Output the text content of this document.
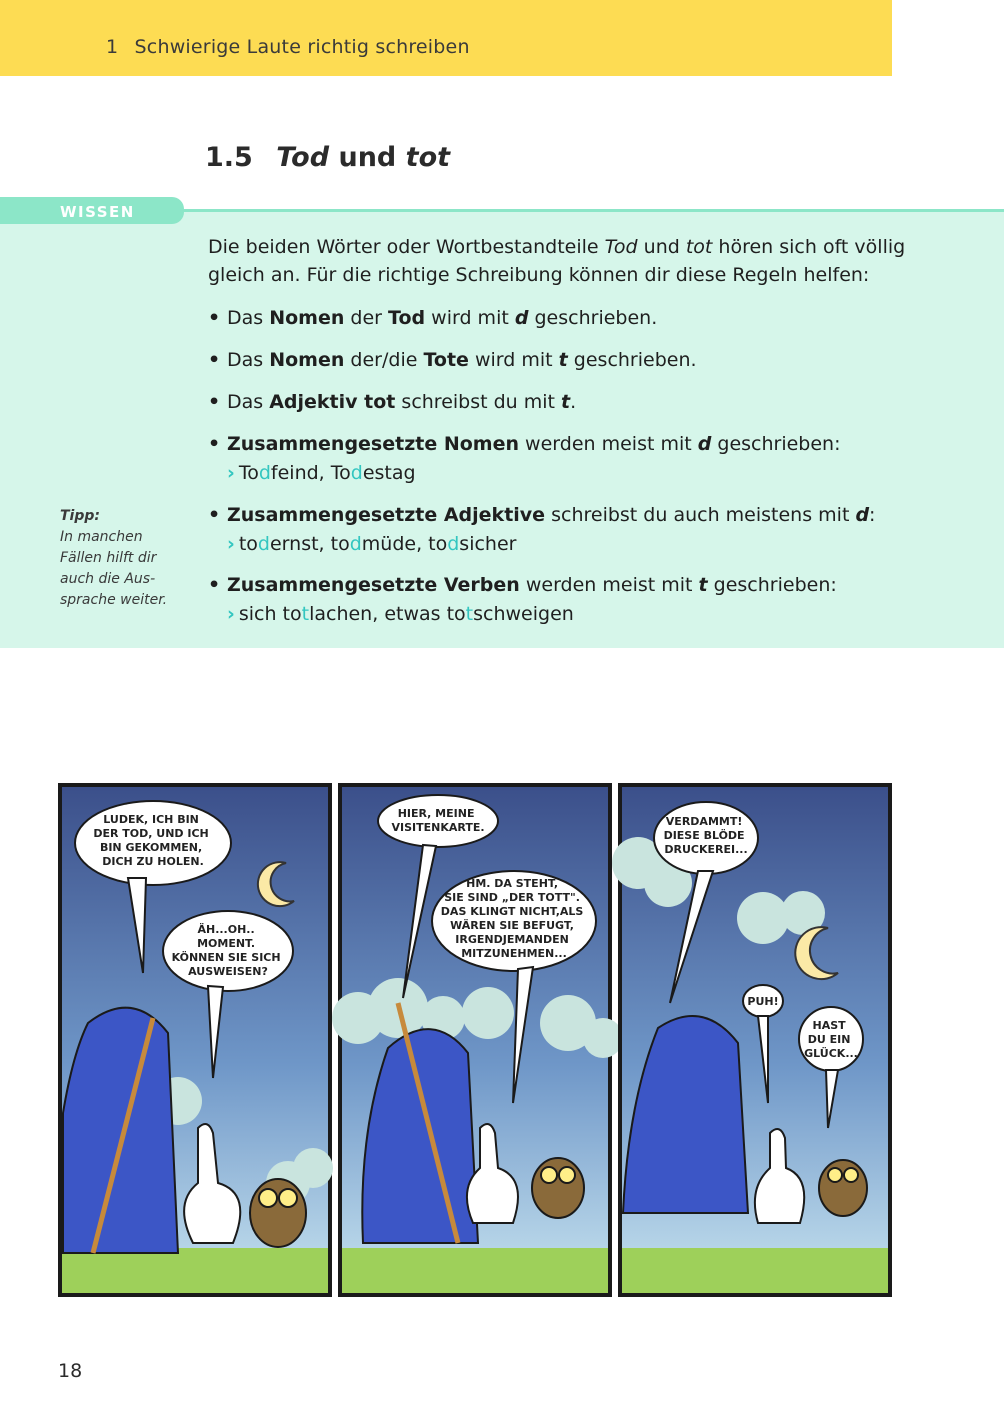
1 Schwierige Laute richtig schreiben
1.5 Tod und tot
WISSEN
Die beiden Wörter oder Wortbestandteile Tod und tot hören sich oft völlig gleich an. Für die richtige Schreibung können dir diese Regeln helfen:
• Das Nomen der Tod wird mit d geschrieben.
• Das Nomen der/die Tote wird mit t geschrieben.
• Das Adjektiv tot schreibst du mit t.
• Zusammengesetzte Nomen werden meist mit d geschrieben:
› Todfeind, Todestag
• Zusammengesetzte Adjektive schreibst du auch meistens mit d:
› todernst, todmüde, todsicher
• Zusammengesetzte Verben werden meist mit t geschrieben:
› sich totlachen, etwas totschweigen
Tipp:
In manchen Fällen hilft dir auch die Aussprache weiter.
LUDEK, ICH BIN DER TOD, UND ICH BIN GEKOMMEN, DICH ZU HOLEN.
ÄH...OH.. MOMENT. KÖNNEN SIE SICH AUSWEISEN?
HIER, MEINE VISITENKARTE.
HM. DA STEHT, SIE SIND „DER TOTT". DAS KLINGT NICHT,ALS WÄREN SIE BEFUGT, IRGENDJEMANDEN MITZUNEHMEN...
VERDAMMT! DIESE BLÖDE DRUCKEREI...
PUH!
HAST DU EIN GLÜCK...
18
